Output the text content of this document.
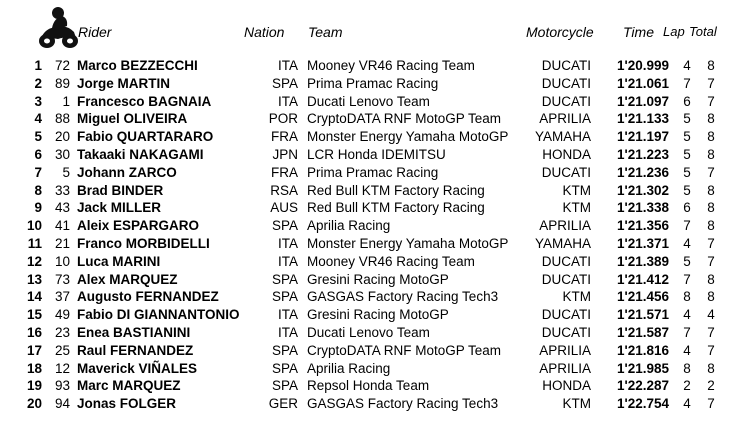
Rider	Nation Team	Motorcycle Time Lap Total
1 72 Marco BEZZECCHI	ITA Mooney VR46 Racing Team	DUCATI	1'20.999 4 8
2 89 Jorge MARTIN	SPA Prima Pramac Racing	DUCATI	1'21.061 7 7
3	1 Francesco BAGNAIA	ITA Ducati Lenovo Team	DUCATI	1'21.097 6 7
4 88 Miguel OLIVEIRA	POR CryptoDATA RNF MotoGP Team	APRILIA	1'21.133 5 8
5 20 Fabio QUARTARARO	FRA Monster Energy Yamaha MotoGP	YAMAHA	1'21.197 5 8
6 30 Takaaki NAKAGAMI	JPN LCR Honda IDEMITSU	HONDA	1'21.223 5 8
7	5 Johann ZARCO	FRA Prima Pramac Racing	DUCATI	1'21.236 5 7
8 33 Brad BINDER	RSA Red Bull KTM Factory Racing	KTM	1'21.302 5 8
9 43 Jack MILLER	AUS Red Bull KTM Factory Racing	KTM	1'21.338 6 8
10 41 Aleix ESPARGARO	SPA Aprilia Racing	APRILIA	1'21.356 7 8
11 21 Franco MORBIDELLI	ITA Monster Energy Yamaha MotoGP	YAMAHA	1'21.371 4 7
12 10 Luca MARINI	ITA Mooney VR46 Racing Team	DUCATI	1'21.389 5 7
13 73 Alex MARQUEZ	SPA Gresini Racing MotoGP	DUCATI	1'21.412 7 8
14 37 Augusto FERNANDEZ	SPA GASGAS Factory Racing Tech3	KTM	1'21.456 8 8
15 49 Fabio DI GIANNANTONIO	ITA Gresini Racing MotoGP	DUCATI	1'21.571 4 4
16 23 Enea BASTIANINI	ITA Ducati Lenovo Team	DUCATI	1'21.587 7 7
17 25 Raul FERNANDEZ	SPA CryptoDATA RNF MotoGP Team	APRILIA	1'21.816 4 7
18 12 Maverick VIÑALES	SPA Aprilia Racing	APRILIA	1'21.985 8 8
19 93 Marc MARQUEZ	SPA Repsol Honda Team	HONDA	1'22.287 2 2
20 94 Jonas FOLGER	GER GASGAS Factory Racing Tech3	KTM	1'22.754 4 7
